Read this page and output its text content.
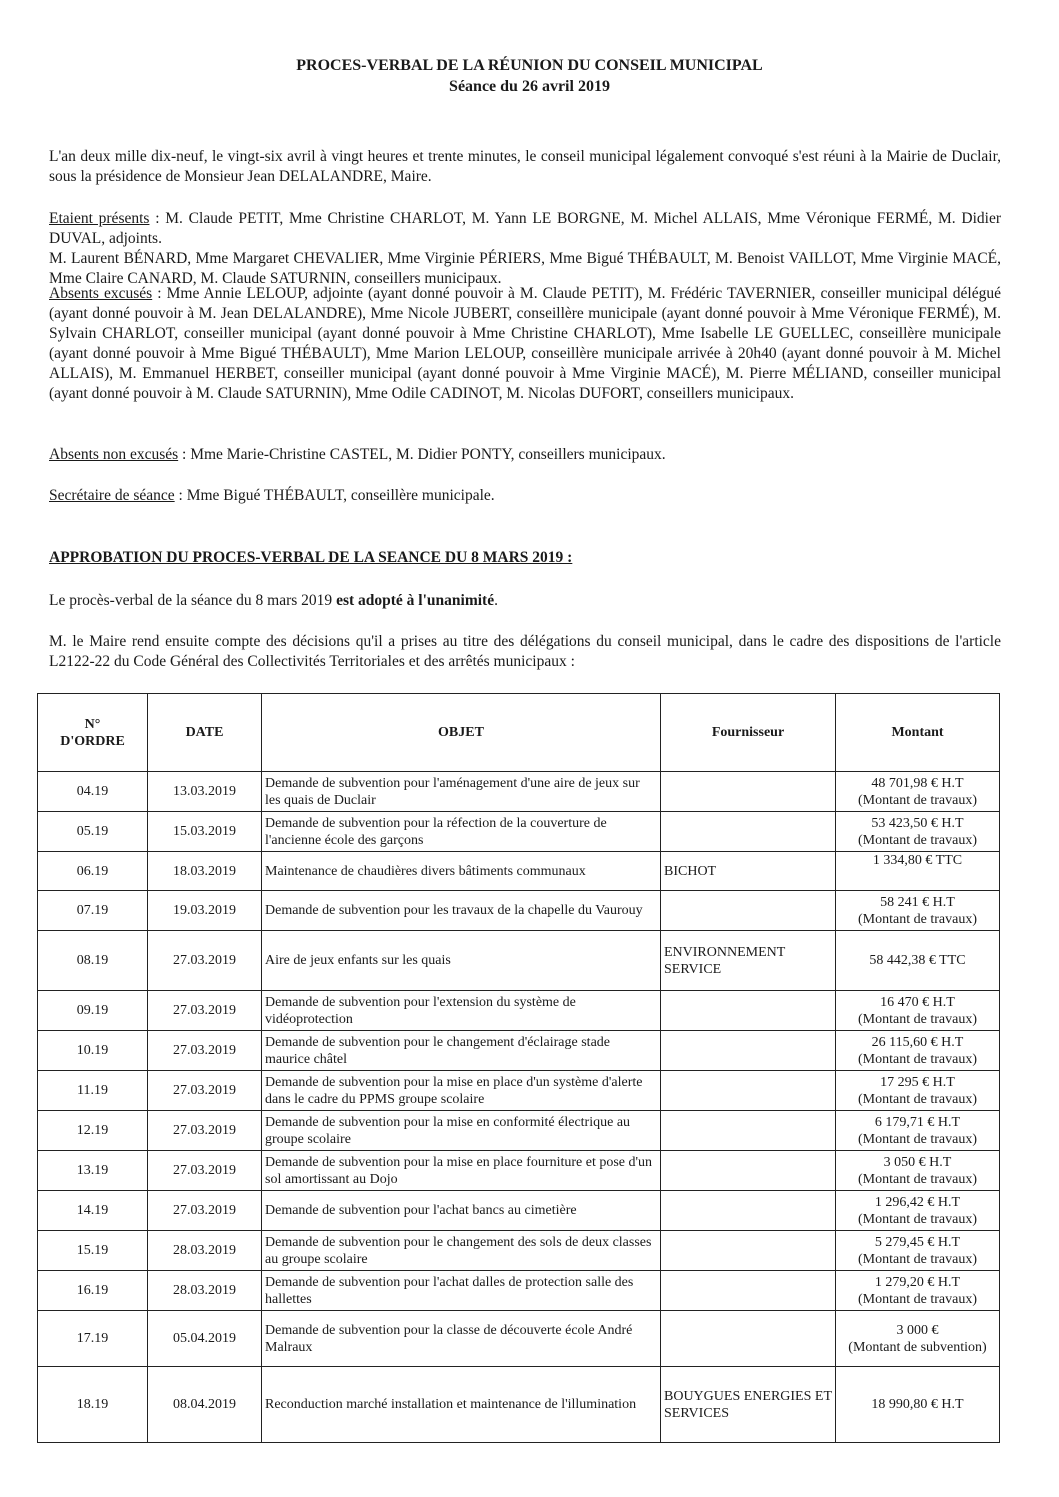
PROCES-VERBAL DE LA RÉUNION DU CONSEIL MUNICIPAL
Séance du 26 avril 2019
L'an deux mille dix-neuf, le vingt-six avril à vingt heures et trente minutes, le conseil municipal légalement convoqué s'est réuni à la Mairie de Duclair, sous la présidence de Monsieur Jean DELALANDRE, Maire.
Etaient présents : M. Claude PETIT, Mme Christine CHARLOT, M. Yann LE BORGNE, M. Michel ALLAIS, Mme Véronique FERMÉ, M. Didier DUVAL, adjoints.
M. Laurent BÉNARD, Mme Margaret CHEVALIER, Mme Virginie PÉRIERS, Mme Bigué THÉBAULT, M. Benoist VAILLOT, Mme Virginie MACÉ, Mme Claire CANARD, M. Claude SATURNIN, conseillers municipaux.
Absents excusés : Mme Annie LELOUP, adjointe (ayant donné pouvoir à M. Claude PETIT), M. Frédéric TAVERNIER, conseiller municipal délégué (ayant donné pouvoir à M. Jean DELALANDRE), Mme Nicole JUBERT, conseillère municipale (ayant donné pouvoir à Mme Véronique FERMÉ), M. Sylvain CHARLOT, conseiller municipal (ayant donné pouvoir à Mme Christine CHARLOT), Mme Isabelle LE GUELLEC, conseillère municipale (ayant donné pouvoir à Mme Bigué THÉBAULT), Mme Marion LELOUP, conseillère municipale arrivée à 20h40 (ayant donné pouvoir à M. Michel ALLAIS), M. Emmanuel HERBET, conseiller municipal (ayant donné pouvoir à Mme Virginie MACÉ), M. Pierre MÉLIAND, conseiller municipal (ayant donné pouvoir à M. Claude SATURNIN), Mme Odile CADINOT, M. Nicolas DUFORT, conseillers municipaux.
Absents non excusés : Mme Marie-Christine CASTEL, M. Didier PONTY, conseillers municipaux.
Secrétaire de séance : Mme Bigué THÉBAULT, conseillère municipale.
APPROBATION DU PROCES-VERBAL DE LA SEANCE DU 8 MARS 2019 :
Le procès-verbal de la séance du 8 mars 2019 est adopté à l'unanimité.
M. le Maire rend ensuite compte des décisions qu'il a prises au titre des délégations du conseil municipal, dans le cadre des dispositions de l'article L2122-22 du Code Général des Collectivités Territoriales et des arrêtés municipaux :
N°
D'ORDRE	DATE	OBJET	Fournisseur	Montant
04.19	13.03.2019	Demande de subvention pour l'aménagement d'une aire de jeux sur les quais de Duclair		48 701,98 € H.T
(Montant de travaux)

05.19	15.03.2019	Demande de subvention pour la réfection de la couverture de l'ancienne école des garçons		53 423,50 € H.T
(Montant de travaux)

06.19	18.03.2019	Maintenance de chaudières divers bâtiments communaux	BICHOT	1 334,80 € TTC

07.19	19.03.2019	Demande de subvention pour les travaux de la chapelle du Vaurouy		58 241 € H.T
(Montant de travaux)

08.19	27.03.2019	Aire de jeux enfants sur les quais	ENVIRONNEMENT SERVICE	58 442,38 € TTC

09.19	27.03.2019	Demande de subvention pour l'extension du système de vidéoprotection		16 470 € H.T
(Montant de travaux)

10.19	27.03.2019	Demande de subvention pour le changement d'éclairage stade maurice châtel		26 115,60 € H.T
(Montant de travaux)

11.19	27.03.2019	Demande de subvention pour la mise en place d'un système d'alerte dans le cadre du PPMS groupe scolaire		17 295 € H.T
(Montant de travaux)

12.19	27.03.2019	Demande de subvention pour la mise en conformité électrique au groupe scolaire		6 179,71 € H.T
(Montant de travaux)

13.19	27.03.2019	Demande de subvention pour la mise en place fourniture et pose d'un sol amortissant au Dojo		3 050 € H.T
(Montant de travaux)

14.19	27.03.2019	Demande de subvention pour l'achat bancs au cimetière		1 296,42 € H.T
(Montant de travaux)

15.19	28.03.2019	Demande de subvention pour le changement des sols de deux classes au groupe scolaire		5 279,45 € H.T
(Montant de travaux)

16.19	28.03.2019	Demande de subvention pour l'achat dalles de protection salle des hallettes		1 279,20 € H.T
(Montant de travaux)

17.19	05.04.2019	Demande de subvention pour la classe de découverte école André Malraux		3 000 €
(Montant de subvention)

18.19	08.04.2019	Reconduction marché installation et maintenance de l'illumination	BOUYGUES ENERGIES ET SERVICES	18 990,80 € H.T
